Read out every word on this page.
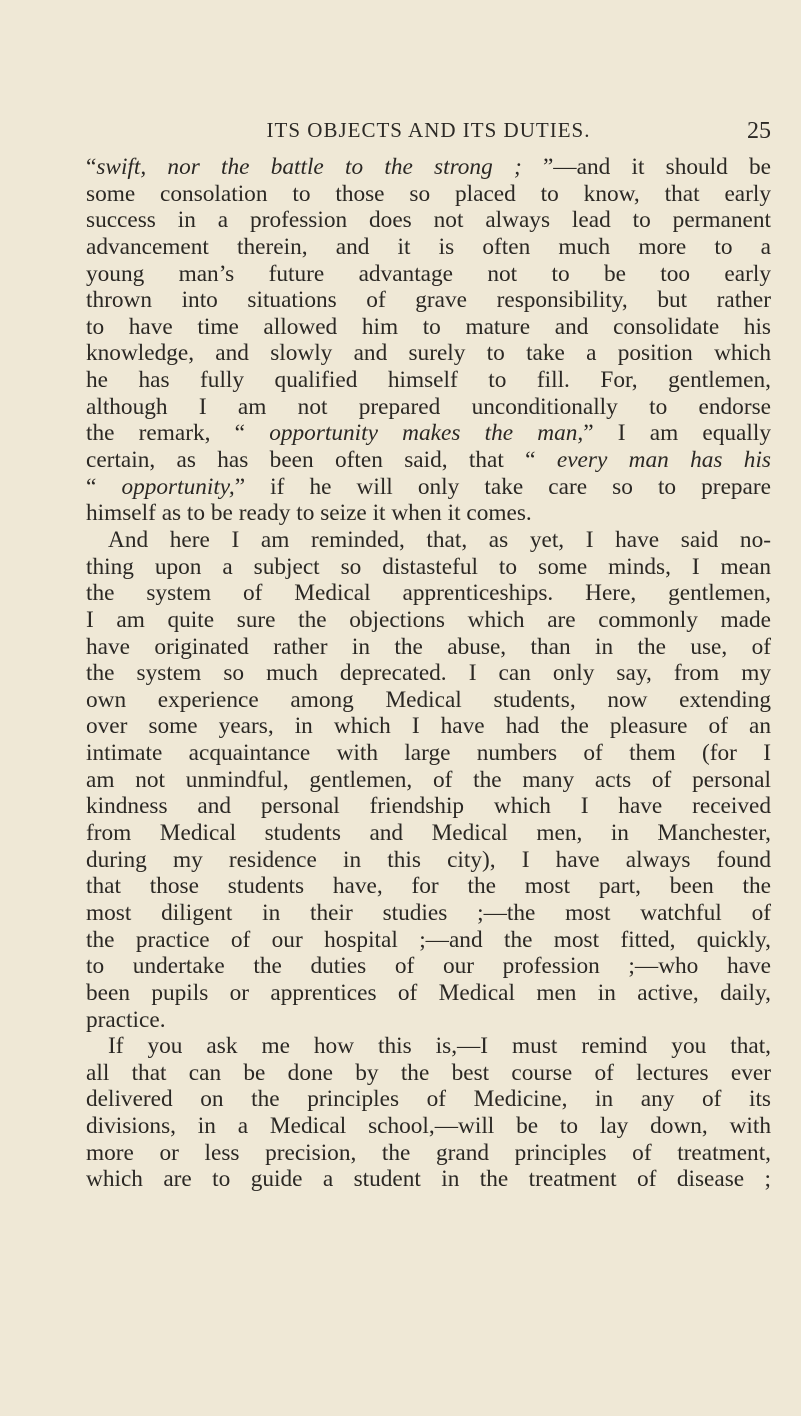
ITS OBJECTS AND ITS DUTIES.	25
“swift, nor the battle to the strong ; ”—and it should be
some consolation to those so placed to know, that early
success in a profession does not always lead to permanent
advancement therein, and it is often much more to a
young man’s future advantage not to be too early
thrown into situations of grave responsibility, but rather
to have time allowed him to mature and consolidate his
knowledge, and slowly and surely to take a position which
he has fully qualified himself to fill. For, gentlemen,
although I am not prepared unconditionally to endorse
the remark, “ opportunity makes the man,” I am equally
certain, as has been often said, that “ every man has his
“ opportunity,” if he will only take care so to prepare
himself as to be ready to seize it when it comes.
And here I am reminded, that, as yet, I have said no-
thing upon a subject so distasteful to some minds, I mean
the system of Medical apprenticeships. Here, gentlemen,
I am quite sure the objections which are commonly made
have originated rather in the abuse, than in the use, of
the system so much deprecated. I can only say, from my
own experience among Medical students, now extending
over some years, in which I have had the pleasure of an
intimate acquaintance with large numbers of them (for I
am not unmindful, gentlemen, of the many acts of personal
kindness and personal friendship which I have received
from Medical students and Medical men, in Manchester,
during my residence in this city), I have always found
that those students have, for the most part, been the
most diligent in their studies ;—the most watchful of
the practice of our hospital ;—and the most fitted, quickly,
to undertake the duties of our profession ;—who have
been pupils or apprentices of Medical men in active, daily,
practice.
If you ask me how this is,—I must remind you that,
all that can be done by the best course of lectures ever
delivered on the principles of Medicine, in any of its
divisions, in a Medical school,—will be to lay down, with
more or less precision, the grand principles of treatment,
which are to guide a student in the treatment of disease ;
